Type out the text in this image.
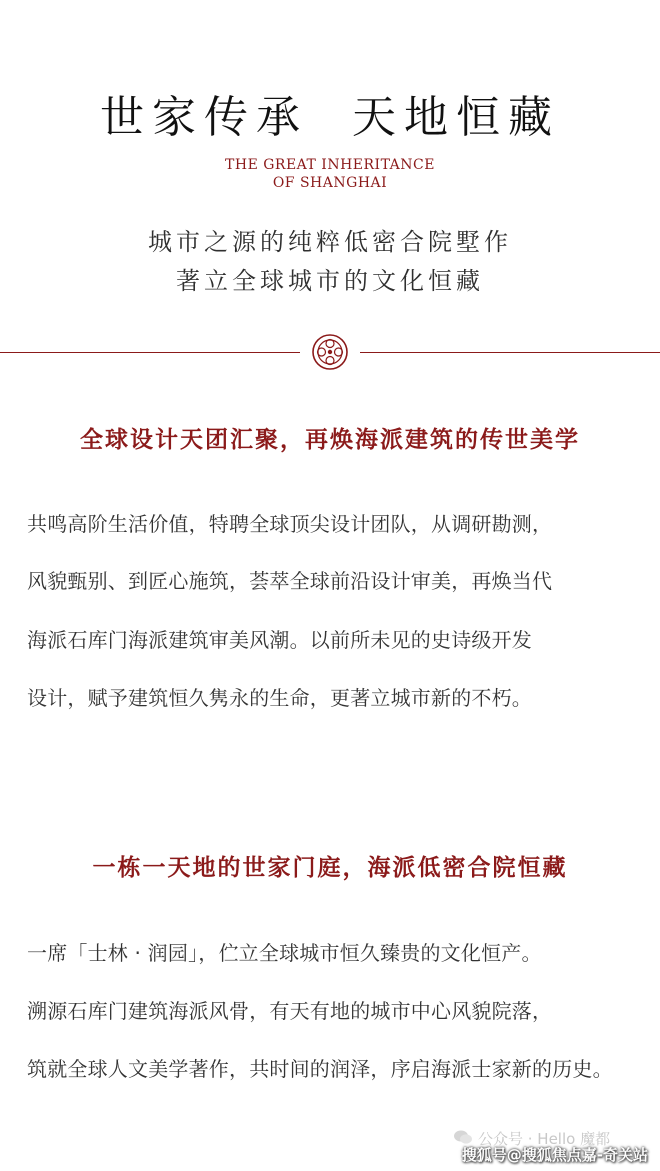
世家传承  天地恒藏
THE GREAT INHERITANCE
OF SHANGHAI
城市之源的纯粹低密合院墅作
著立全球城市的文化恒藏
全球设计天团汇聚，再焕海派建筑的传世美学
共鸣高阶生活价值，特聘全球顶尖设计团队，从调研勘测，
风貌甄别、到匠心施筑，荟萃全球前沿设计审美，再焕当代
海派石库门海派建筑审美风潮。以前所未见的史诗级开发
设计，赋予建筑恒久隽永的生命，更著立城市新的不朽。
一栋一天地的世家门庭，海派低密合院恒藏
一席「士林 · 润园」，伫立全球城市恒久臻贵的文化恒产。
溯源石库门建筑海派风骨，有天有地的城市中心风貌院落，
筑就全球人文美学著作，共时间的润泽，序启海派士家新的历史。
公众号 · Hello 魔都
搜狐号@搜狐焦点嘉-奇关站
